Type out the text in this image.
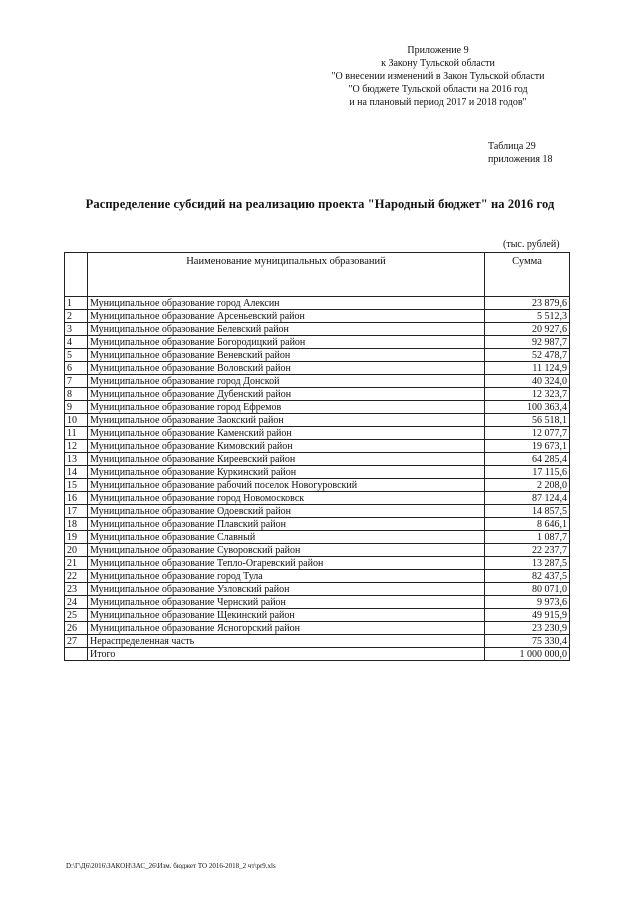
Приложение 9
к Закону Тульской области
"О внесении изменений в Закон Тульской области
"О бюджете Тульской области на 2016 год
и на плановый период 2017 и 2018 годов"
Таблица 29
приложения 18
Распределение субсидий на реализацию проекта "Народный бюджет" на 2016 год
(тыс. рублей)
	Наименование муниципальных образований	Сумма
1	Муниципальное образование город Алексин	23 879,6
2	Муниципальное образование Арсеньевский район	5 512,3
3	Муниципальное образование Белевский район	20 927,6
4	Муниципальное образование Богородицкий район	92 987,7
5	Муниципальное образование Веневский район	52 478,7
6	Муниципальное образование Воловский район	11 124,9
7	Муниципальное образование город Донской	40 324,0
8	Муниципальное образование Дубенский район	12 323,7
9	Муниципальное образование город Ефремов	100 363,4
10	Муниципальное образование Заокский район	56 518,1
11	Муниципальное образование Каменский район	12 077,7
12	Муниципальное образование Кимовский район	19 673,1
13	Муниципальное образование Киреевский район	64 285,4
14	Муниципальное образование Куркинский район	17 115,6
15	Муниципальное образование рабочий поселок Новогуровский	2 208,0
16	Муниципальное образование город Новомосковск	87 124,4
17	Муниципальное образование Одоевский район	14 857,5
18	Муниципальное образование Плавский район	8 646,1
19	Муниципальное образование Славный	1 087,7
20	Муниципальное образование Суворовский район	22 237,7
21	Муниципальное образование Тепло-Огаревский район	13 287,5
22	Муниципальное образование город Тула	82 437,5
23	Муниципальное образование Узловский район	80 071,0
24	Муниципальное образование Чернский район	9 973,6
25	Муниципальное образование Щекинский район	49 915,9
26	Муниципальное образование Ясногорский район	23 230,9
27	Нераспределенная часть	75 330,4
	Итого	1 000 000,0
D:\Г\Д6\2016\ЗАКОН\ЗАС_26\Изм. бюджет ТО 2016-2018_2 чт\pr9.xls
